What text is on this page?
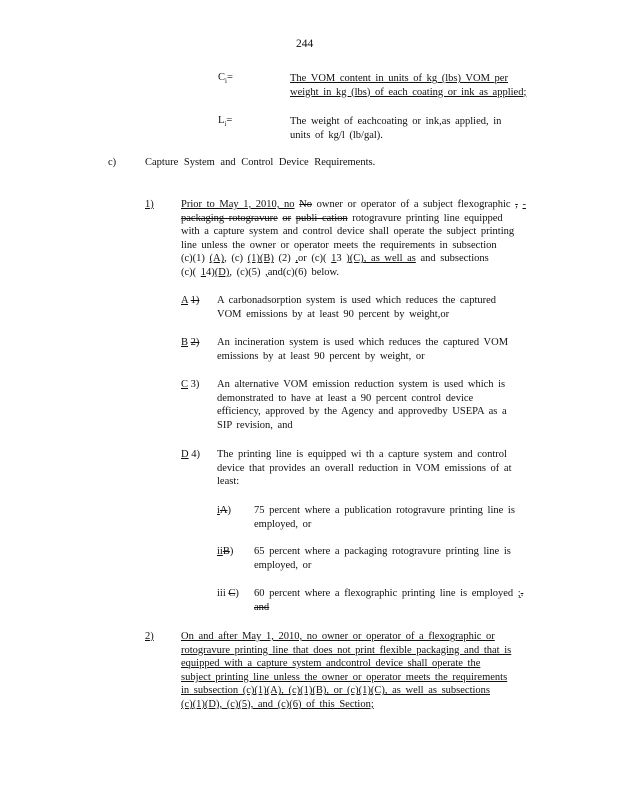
244
$C_i=$	The VOM content in units of kg (lbs) VOM per
weight in kg (lbs) of each coating or ink as applied;
$L_i=$	The weight of eachcoating or ink,as applied, in
units of kg/l (lb/gal).
c)	Capture System and Control Device Requirements.
1)	Prior to May 1, 2010, no No owner or operator of a subject flexographic , -
packaging rotogravure or publi cation rotogravure printing line equipped
with a capture system and control device shall operate the subject printing
line unless the owner or operator meets the requirements in subsection
(c)(1) (A), (c) (1)(B) (2) ,or (c)( 13 )(C), as well as and subsections
(c)( 14)(D), (c)(5) ,and(c)(6) below.
A 1) A carbonadsorption system is used which reduces the captured
VOM emissions by at least 90 percent by weight,or
B 2) An incineration system is used which reduces the captured VOM
emissions by at least 90 percent by weight, or
C 3) An alternative VOM emission reduction system is used which is
demonstrated to have at least a 90 percent control device
efficiency, approved by the Agency and approvedby USEPA as a
SIP revision, and
D 4) The printing line is equipped wi th a capture system and control
device that provides an overall reduction in VOM emissions of at
least:
iA) 75 percent where a publication rotogravure printing line is
employed, or
iiB) 65 percent where a packaging rotogravure printing line is
employed, or
iii C) 60 percent where a flexographic printing line is employed ;.
and
2)	On and after May 1, 2010, no owner or operator of a flexographic or
rotogravure printing line that does not print flexible packaging and that is
equipped with a capture system andcontrol device shall operate the
subject printing line unless the owner or operator meets the requirements
in subsection (c)(1)(A), (c)(1)(B), or (c)(1)(C), as well as subsections
(c)(1)(D), (c)(5), and (c)(6) of this Section;
